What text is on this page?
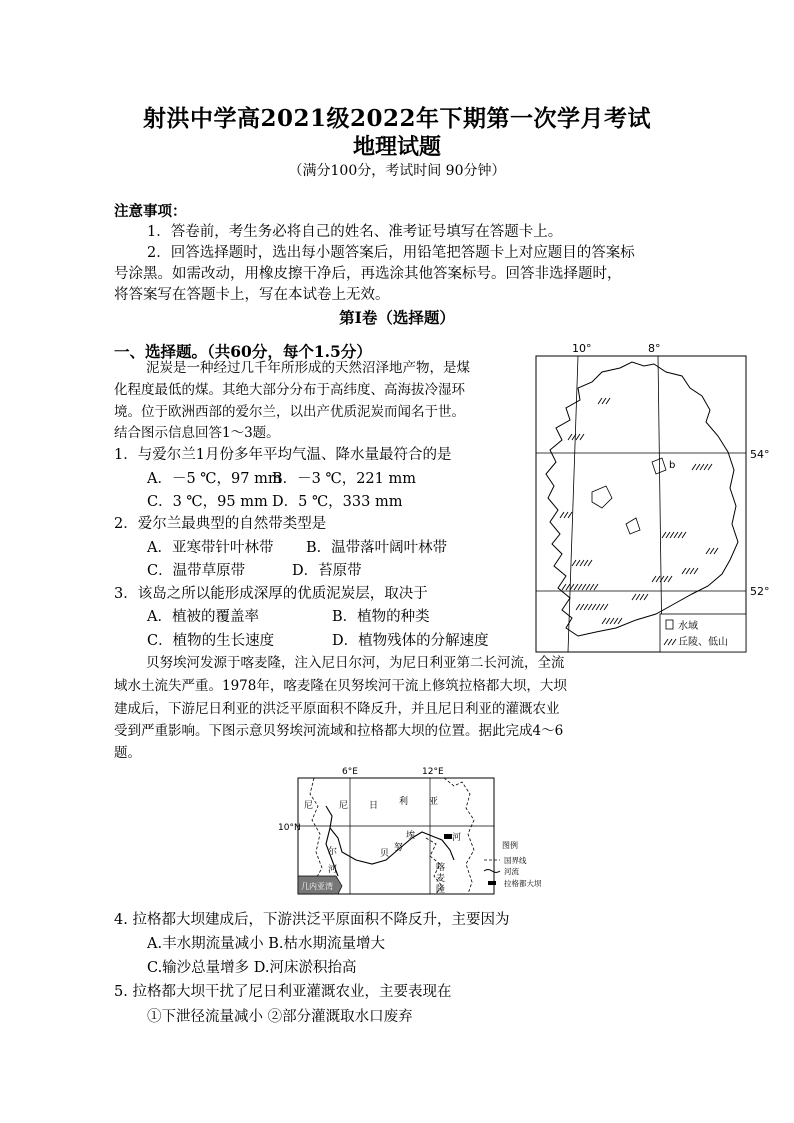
射洪中学高2021级2022年下期第一次学月考试
地理试题
（满分100分，考试时间 90分钟）
注意事项：
1．答卷前，考生务必将自己的姓名、准考证号填写在答题卡上。
2．回答选择题时，选出每小题答案后，用铅笔把答题卡上对应题目的答案标
号涂黑。如需改动，用橡皮擦干净后，再选涂其他答案标号。回答非选择题时，
将答案写在答题卡上，写在本试卷上无效。
第Ⅰ卷（选择题）
一、选择题。（共60分，每个1.5分）
泥炭是一种经过几千年所形成的天然沼泽地产物，是煤
化程度最低的煤。其绝大部分分布于高纬度、高海拔冷湿环
境。位于欧洲西部的爱尔兰，以出产优质泥炭而闻名于世。
结合图示信息回答1～3题。
1．与爱尔兰1月份多年平均气温、降水量最符合的是
A．－5 ℃，97 mm
B．－3 ℃，221 mm
C．3 ℃，95 mm D．5 ℃，333 mm
2．爱尔兰最典型的自然带类型是
A．亚寒带针叶林带 B．温带落叶阔叶林带
C．温带草原带	D．苔原带
3．该岛之所以能形成深厚的优质泥炭层，取决于
A．植被的覆盖率	B．植物的种类
C．植物的生长速度	D．植物残体的分解速度
贝努埃河发源于喀麦隆，注入尼日尔河，为尼日利亚第二长河流，全流
域水土流失严重。1978年，喀麦隆在贝努埃河干流上修筑拉格都大坝，大坝
建成后，下游尼日利亚的洪泛平原面积不降反升，并且尼日利亚的灌溉农业
受到严重影响。下图示意贝努埃河流域和拉格都大坝的位置。据此完成4～6
题。
10°	8°
54°
52°
b
水域
丘陵、低山
6°E	12°E
10°N
几内亚湾
尼	尼 日 利 亚
尔
河
贝
努
埃	河
喀
麦
隆
图例
国界线
河流
拉格都大坝
4. 拉格都大坝建成后，下游洪泛平原面积不降反升，主要因为
A.丰水期流量减小 B.枯水期流量增大
C.输沙总量增多 D.河床淤积抬高
5. 拉格都大坝干扰了尼日利亚灌溉农业，主要表现在
①下泄径流量减小 ②部分灌溉取水口废弃
